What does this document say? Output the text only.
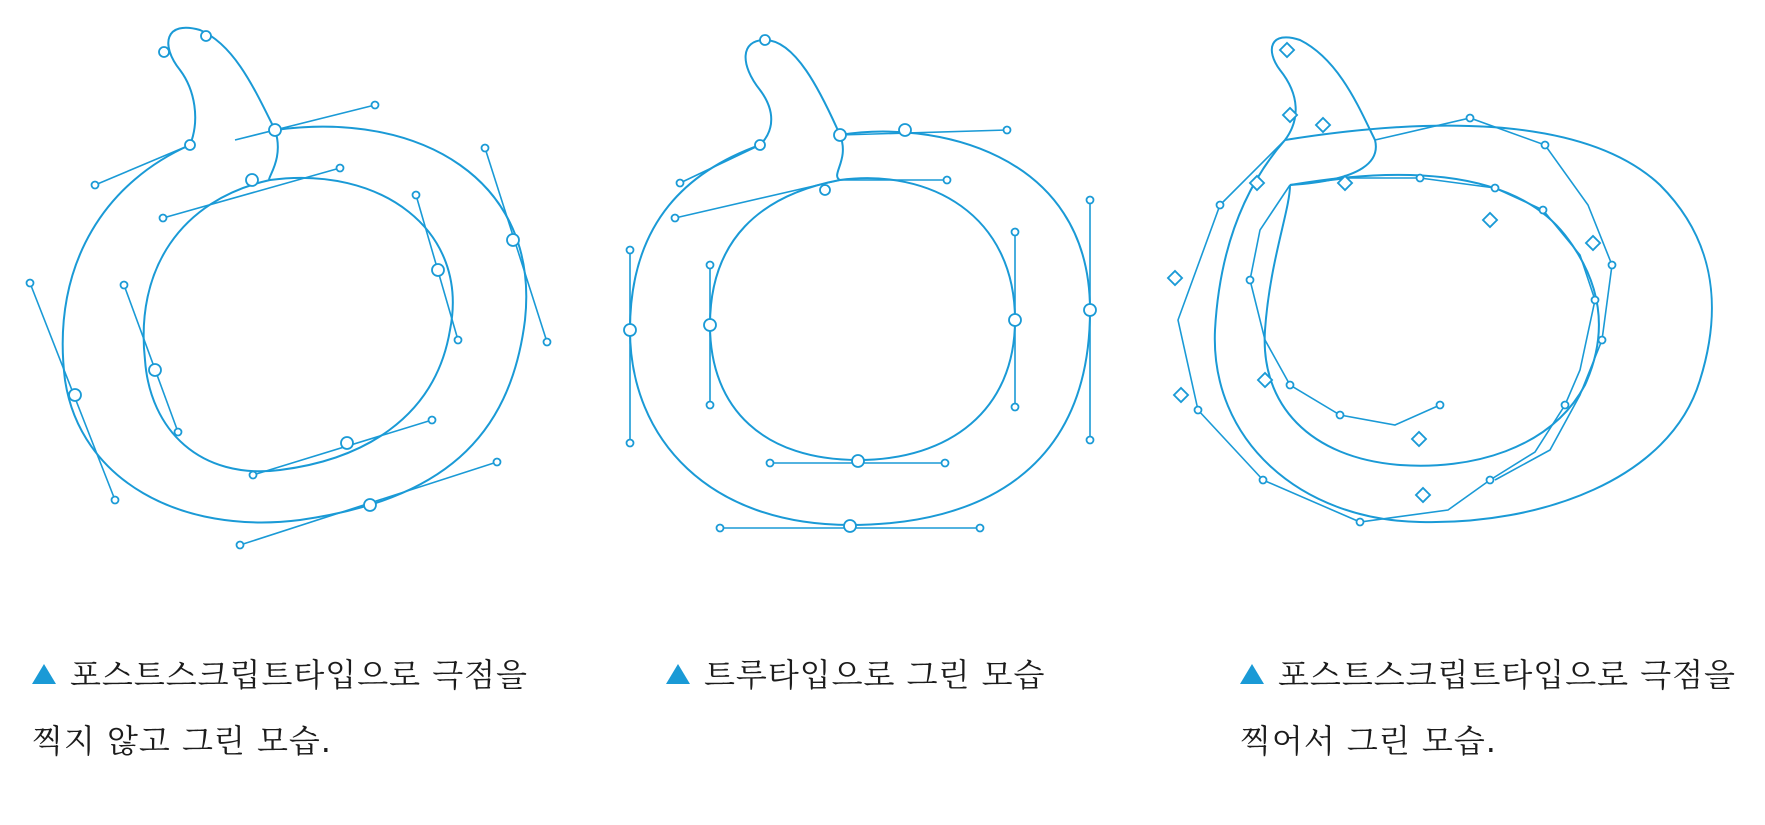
포스트스크립트타입으로 극점을
찍지 않고 그린 모습.
트루타입으로 그린 모습	포스트스크립트타입으로 극점을
찍어서 그린 모습.
